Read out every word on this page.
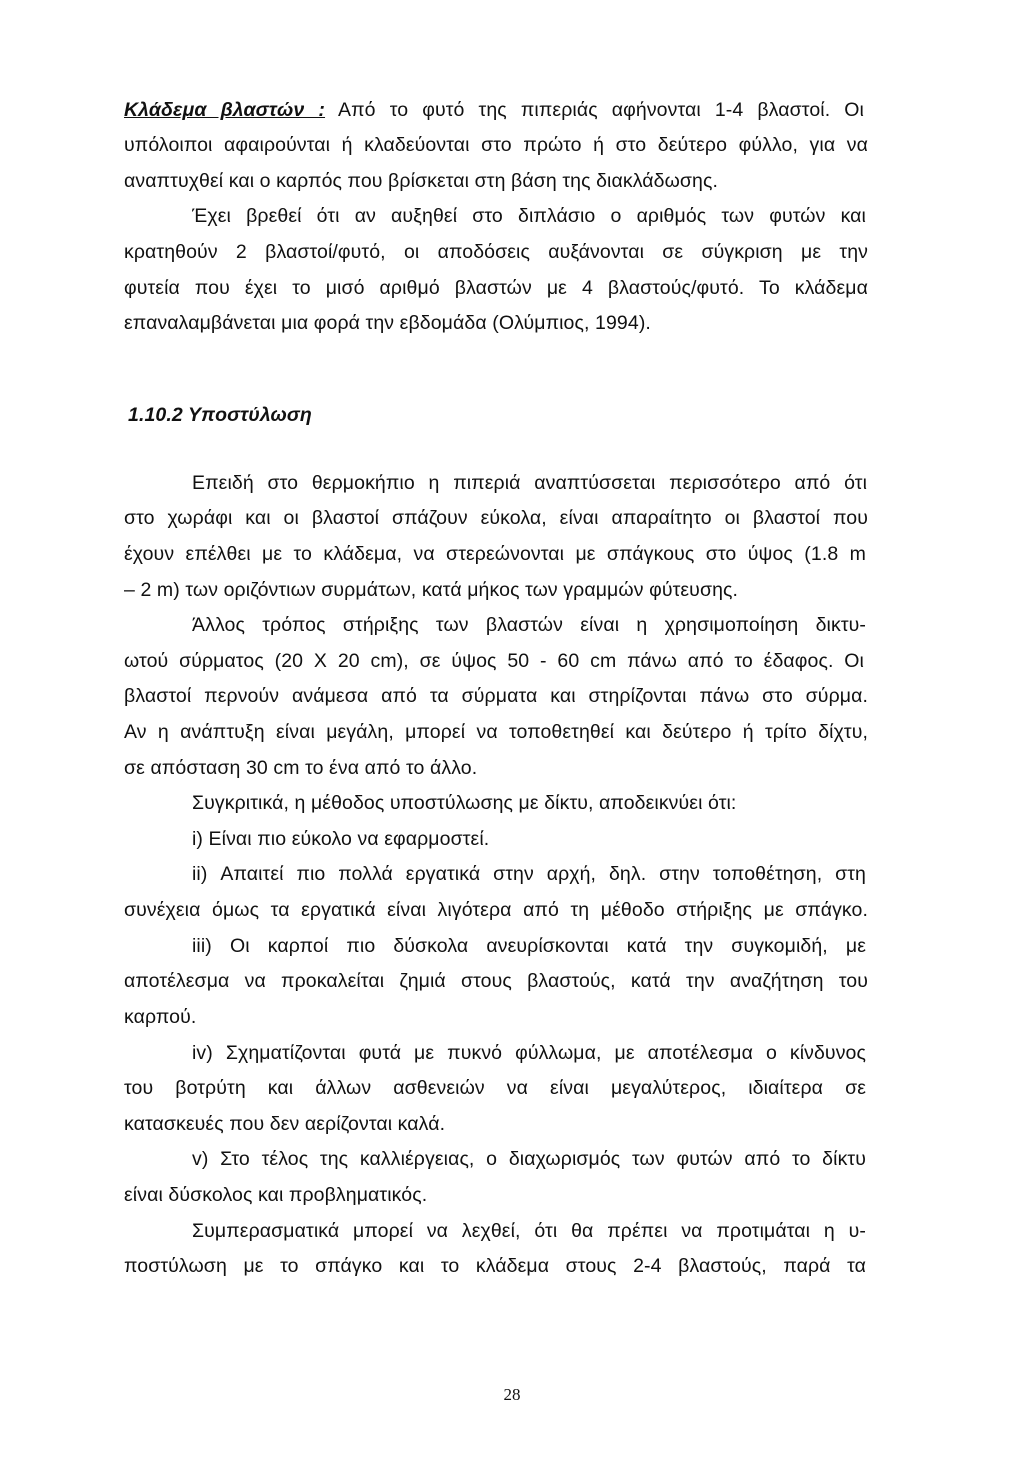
Κλάδεμα βλαστών : Από το φυτό της πιπεριάς αφήνονται 1-4 βλαστοί. Οι
υπόλοιποι αφαιρούνται ή κλαδεύονται στο πρώτο ή στο δεύτερο φύλλο, για να
αναπτυχθεί και ο καρπός που βρίσκεται στη βάση της διακλάδωσης.
Έχει βρεθεί ότι αν αυξηθεί στο διπλάσιο ο αριθμός των φυτών και
κρατηθούν 2 βλαστοί/φυτό, οι αποδόσεις αυξάνονται σε σύγκριση με την
φυτεία που έχει το μισό αριθμό βλαστών με 4 βλαστούς/φυτό. Το κλάδεμα
επαναλαμβάνεται μια φορά την εβδομάδα (Ολύμπιος, 1994).
1.10.2 Υποστύλωση
Επειδή στο θερμοκήπιο η πιπεριά αναπτύσσεται περισσότερο από ότι
στο χωράφι και οι βλαστοί σπάζουν εύκολα, είναι απαραίτητο οι βλαστοί που
έχουν επέλθει με το κλάδεμα, να στερεώνονται με σπάγκους στο ύψος (1.8 m
– 2 m) των οριζόντιων συρμάτων, κατά μήκος των γραμμών φύτευσης.
Άλλος τρόπος στήριξης των βλαστών είναι η χρησιμοποίηση δικτυ-
ωτού σύρματος (20 Χ 20 cm), σε ύψος 50 - 60 cm πάνω από το έδαφος. Οι
βλαστοί περνούν ανάμεσα από τα σύρματα και στηρίζονται πάνω στο σύρμα.
Αν η ανάπτυξη είναι μεγάλη, μπορεί να τοποθετηθεί και δεύτερο ή τρίτο δίχτυ,
σε απόσταση 30 cm το ένα από το άλλο.
Συγκριτικά, η μέθοδος υποστύλωσης με δίκτυ, αποδεικνύει ότι:
i) Είναι πιο εύκολο να εφαρμοστεί.
ii) Απαιτεί πιο πολλά εργατικά στην αρχή, δηλ. στην τοποθέτηση, στη
συνέχεια όμως τα εργατικά είναι λιγότερα από τη μέθοδο στήριξης με σπάγκο.
iii) Οι καρποί πιο δύσκολα ανευρίσκονται κατά την συγκομιδή, με
αποτέλεσμα να προκαλείται ζημιά στους βλαστούς, κατά την αναζήτηση του
καρπού.
iv) Σχηματίζονται φυτά με πυκνό φύλλωμα, με αποτέλεσμα ο κίνδυνος
του βοτρύτη και άλλων ασθενειών να είναι μεγαλύτερος, ιδιαίτερα σε
κατασκευές που δεν αερίζονται καλά.
v) Στο τέλος της καλλιέργειας, ο διαχωρισμός των φυτών από το δίκτυ
είναι δύσκολος και προβληματικός.
Συμπερασματικά μπορεί να λεχθεί, ότι θα πρέπει να προτιμάται η υ-
ποστύλωση με το σπάγκο και το κλάδεμα στους 2-4 βλαστούς, παρά τα
28
